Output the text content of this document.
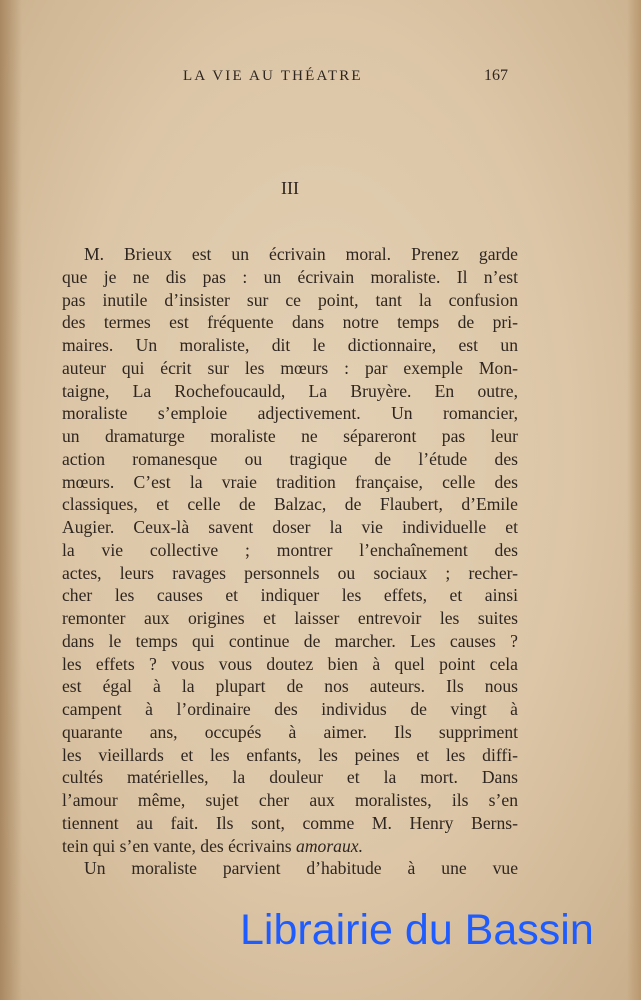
LA VIE AU THÉATRE	167
III
M. Brieux est un écrivain moral. Prenez garde
que je ne dis pas : un écrivain moraliste. Il n’est
pas inutile d’insister sur ce point, tant la confusion
des termes est fréquente dans notre temps de pri-
maires. Un moraliste, dit le dictionnaire, est un
auteur qui écrit sur les mœurs : par exemple Mon-
taigne, La Rochefoucauld, La Bruyère. En outre,
moraliste s’emploie adjectivement. Un romancier,
un dramaturge moraliste ne sépareront pas leur
action romanesque ou tragique de l’étude des
mœurs. C’est la vraie tradition française, celle des
classiques, et celle de Balzac, de Flaubert, d’Emile
Augier. Ceux-là savent doser la vie individuelle et
la vie collective ; montrer l’enchaînement des
actes, leurs ravages personnels ou sociaux ; recher-
cher les causes et indiquer les effets, et ainsi
remonter aux origines et laisser entrevoir les suites
dans le temps qui continue de marcher. Les causes ?
les effets ? vous vous doutez bien à quel point cela
est égal à la plupart de nos auteurs. Ils nous
campent à l’ordinaire des individus de vingt à
quarante ans, occupés à aimer. Ils suppriment
les vieillards et les enfants, les peines et les diffi-
cultés matérielles, la douleur et la mort. Dans
l’amour même, sujet cher aux moralistes, ils s’en
tiennent au fait. Ils sont, comme M. Henry Berns-
tein qui s’en vante, des écrivains amoraux.
Un moraliste parvient d’habitude à une vue
Librairie du Bassin
